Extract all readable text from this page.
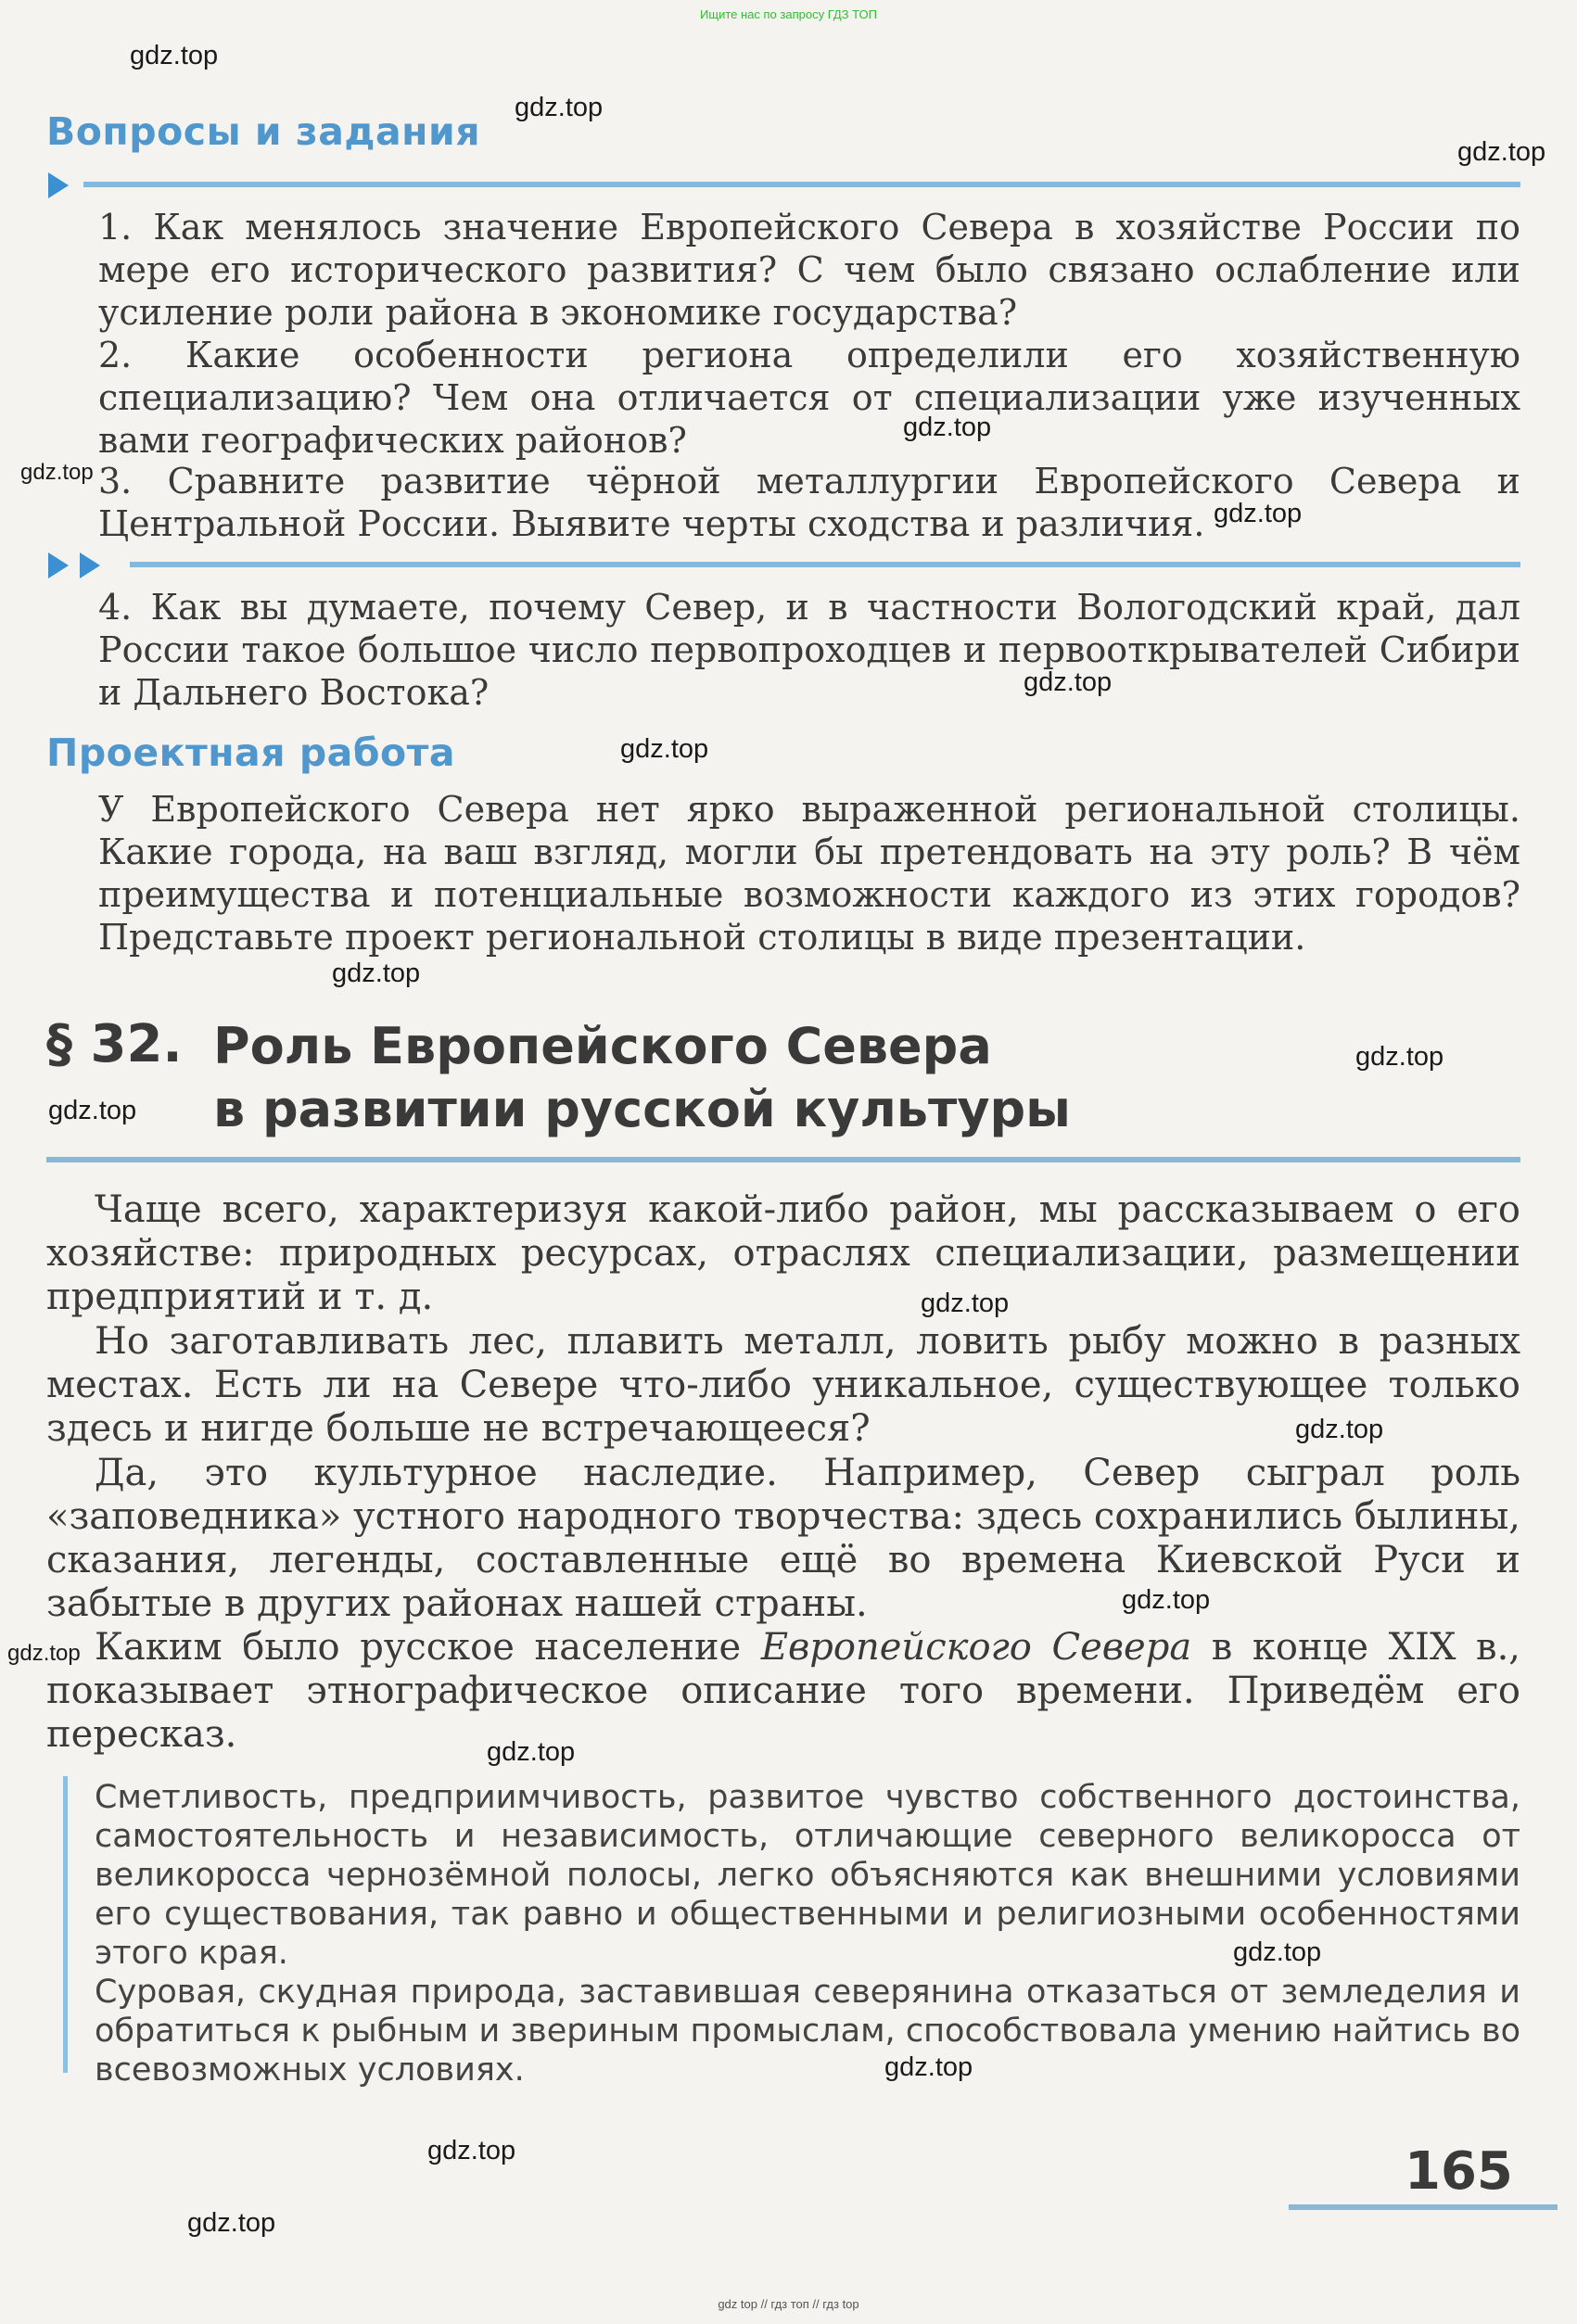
Ищите нас по запросу ГДЗ ТОП
Вопросы и задания
1. Как менялось значение Европейского Севера в хозяйстве России по мере его исторического развития? С чем было связано ослабление или усиление роли района в экономике государства?
2. Какие особенности региона определили его хозяйственную специализацию? Чем она отличается от специализации уже изученных вами географических районов?
3. Сравните развитие чёрной металлургии Европейского Севера и Центральной России. Выявите черты сходства и различия.
4. Как вы думаете, почему Север, и в частности Вологодский край, дал России такое большое число первопроходцев и первооткрывателей Сибири и Дальнего Востока?
Проектная работа
У Европейского Севера нет ярко выраженной региональной столицы. Какие города, на ваш взгляд, могли бы претендовать на эту роль? В чём преимущества и потенциальные возможности каждого из этих городов? Представьте проект региональной столицы в виде презентации.
§ 32. Роль Европейского Севера
в развитии русской культуры
Чаще всего, характеризуя какой-либо район, мы рассказываем о его хозяйстве: природных ресурсах, отраслях специализации, размещении предприятий и т. д.
Но заготавливать лес, плавить металл, ловить рыбу можно в разных местах. Есть ли на Севере что-либо уникальное, существующее только здесь и нигде больше не встречающееся?
Да, это культурное наследие. Например, Север сыграл роль «заповедника» устного народного творчества: здесь сохранились былины, сказания, легенды, составленные ещё во времена Киевской Руси и забытые в других районах нашей страны.
Каким было русское население Европейского Севера в конце XIX в., показывает этнографическое описание того времени. Приведём его пересказ.
Сметливость, предприимчивость, развитое чувство собственного достоинства, самостоятельность и независимость, отличающие северного великоросса от великоросса чернозёмной полосы, легко объясняются как внешними условиями его существования, так равно и общественными и религиозными особенностями этого края.
Суровая, скудная природа, заставившая северянина отказаться от земледелия и обратиться к рыбным и звериным промыслам, способствовала умению найтись во всевозможных условиях.
165
gdz.top
gdz.top
gdz.top
gdz.top
gdz.top
gdz.top
gdz.top
gdz.top
gdz.top
gdz.top
gdz.top
gdz.top
gdz.top
gdz.top
gdz.top
gdz.top
gdz.top
gdz.top
gdz.top
gdz.top
gdz top // гдз топ // гдз top
